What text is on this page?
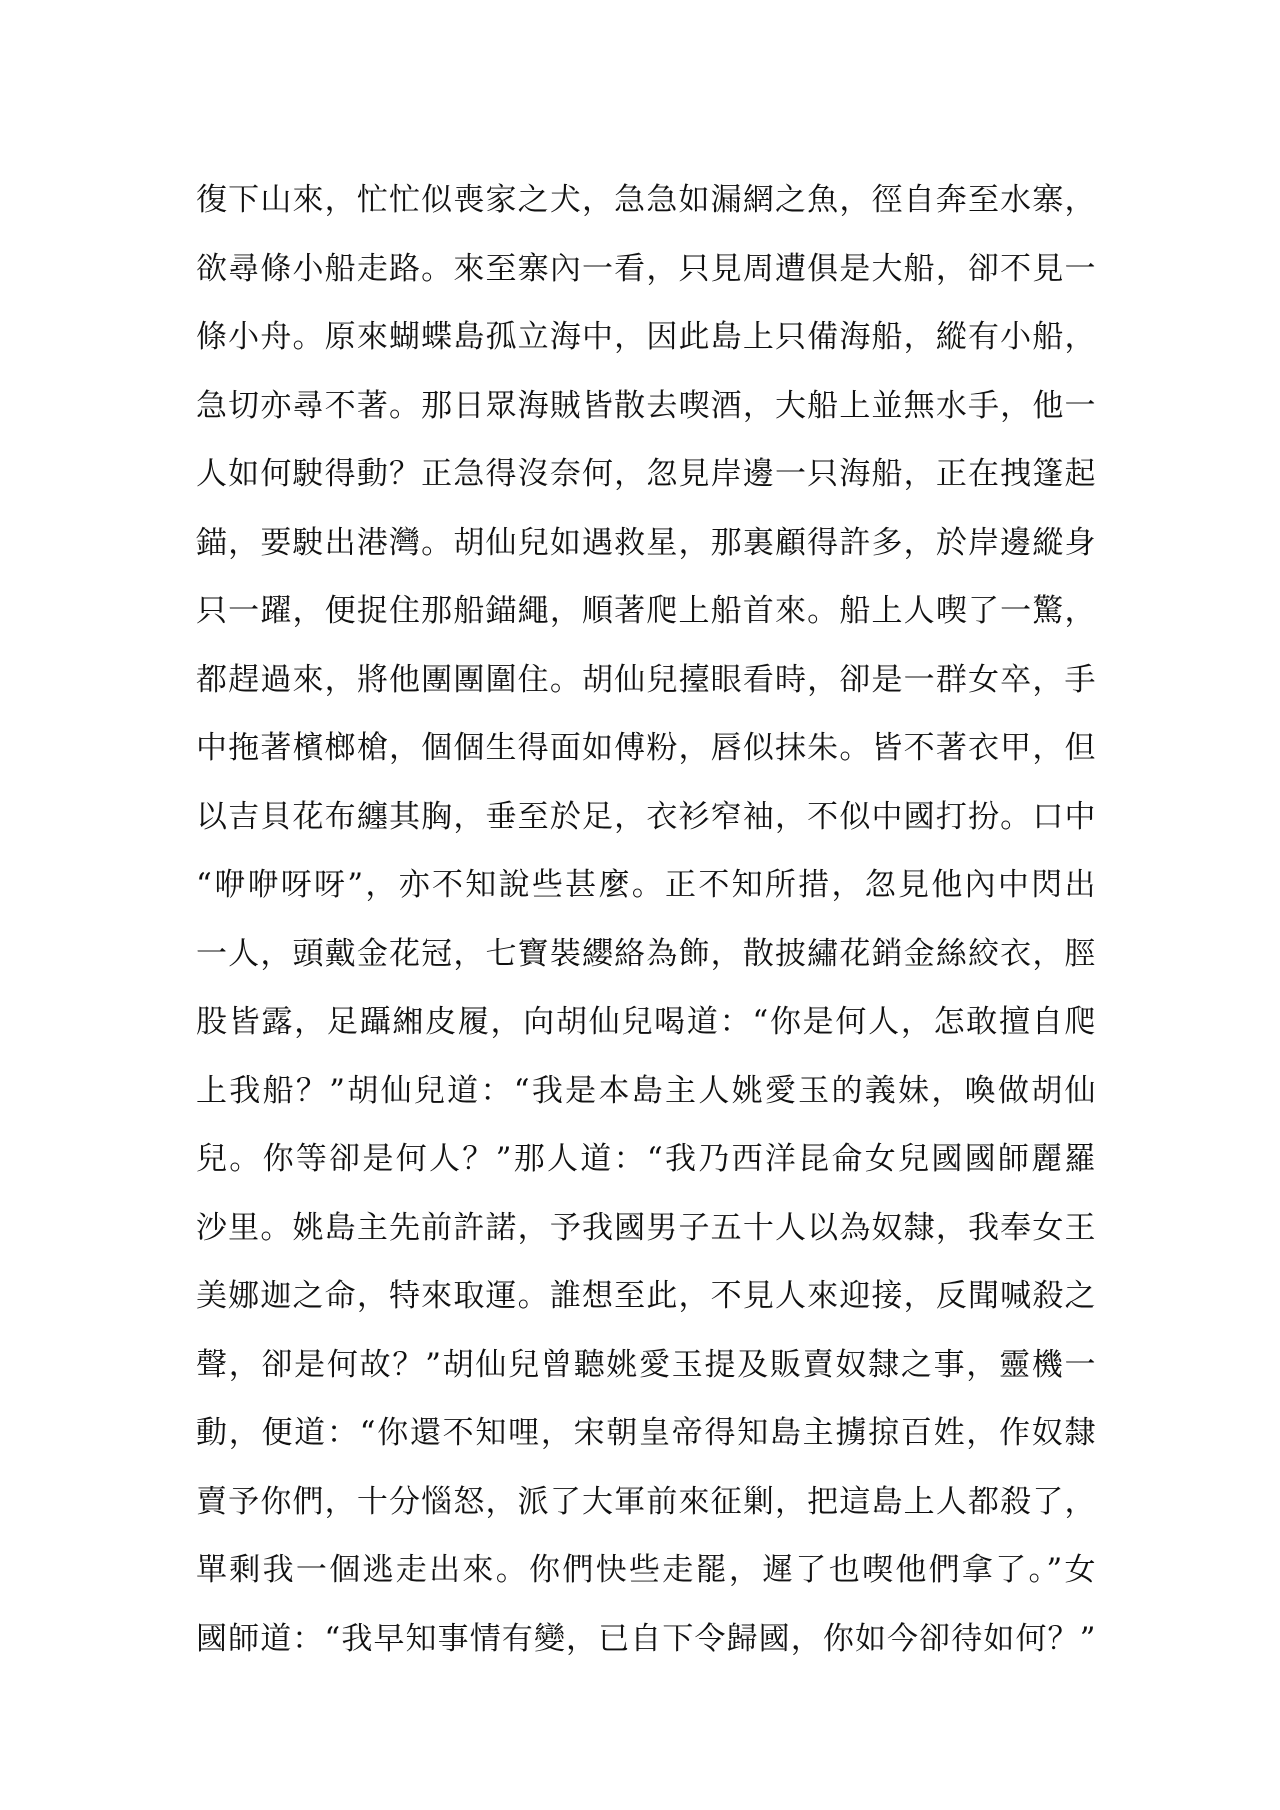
復下山來，忙忙似喪家之犬，急急如漏網之魚，徑自奔至水寨，
欲尋條小船走路。來至寨內一看，只見周遭俱是大船，卻不見一
條小舟。原來蝴蝶島孤立海中，因此島上只備海船，縱有小船，
急切亦尋不著。那日眾海賊皆散去喫酒，大船上並無水手，他一
人如何駛得動？正急得沒奈何，忽見岸邊一只海船，正在拽篷起
錨，要駛出港灣。胡仙兒如遇救星，那裏顧得許多，於岸邊縱身
只一躍，便捉住那船錨繩，順著爬上船首來。船上人喫了一驚，
都趕過來，將他團團圍住。胡仙兒擡眼看時，卻是一群女卒，手
中拖著檳榔槍，個個生得面如傅粉，唇似抹朱。皆不著衣甲，但
以吉貝花布纏其胸，垂至於足，衣衫窄袖，不似中國打扮。口中
“咿咿呀呀”，亦不知說些甚麼。正不知所措，忽見他內中閃出
一人，頭戴金花冠，七寶裝纓絡為飾，散披繡花銷金絲絞衣，脛
股皆露，足躡緗皮履，向胡仙兒喝道：“你是何人，怎敢擅自爬
上我船？”胡仙兒道：“我是本島主人姚愛玉的義妹，喚做胡仙
兒。你等卻是何人？”那人道：“我乃西洋昆侖女兒國國師麗羅
沙里。姚島主先前許諾，予我國男子五十人以為奴隸，我奉女王
美娜迦之命，特來取運。誰想至此，不見人來迎接，反聞喊殺之
聲，卻是何故？”胡仙兒曾聽姚愛玉提及販賣奴隸之事，靈機一
動，便道：“你還不知哩，宋朝皇帝得知島主擄掠百姓，作奴隸
賣予你們，十分惱怒，派了大軍前來征剿，把這島上人都殺了，
單剩我一個逃走出來。你們快些走罷，遲了也喫他們拿了。”女
國師道：“我早知事情有變，已自下令歸國，你如今卻待如何？”
